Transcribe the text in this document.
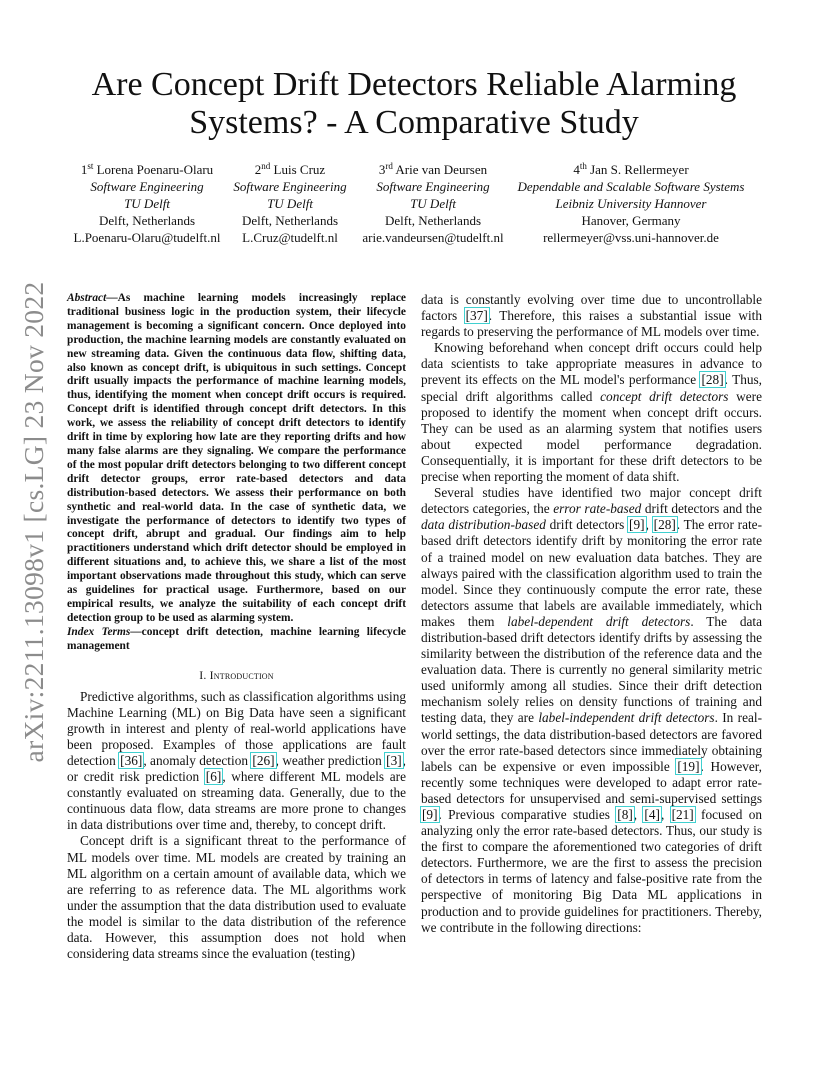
arXiv:2211.13098v1 [cs.LG] 23 Nov 2022
Are Concept Drift Detectors Reliable Alarming
Systems? - A Comparative Study
1st Lorena Poenaru-Olaru
Software Engineering
TU Delft
Delft, Netherlands
L.Poenaru-Olaru@tudelft.nl
2nd Luis Cruz
Software Engineering
TU Delft
Delft, Netherlands
L.Cruz@tudelft.nl
3rd Arie van Deursen
Software Engineering
TU Delft
Delft, Netherlands
arie.vandeursen@tudelft.nl
4th Jan S. Rellermeyer
Dependable and Scalable Software Systems
Leibniz University Hannover
Hanover, Germany
rellermeyer@vss.uni-hannover.de

Abstract—As machine learning models increasingly replace traditional business logic in the production system, their lifecycle management is becoming a significant concern. Once deployed into production, the machine learning models are constantly evaluated on new streaming data. Given the continuous data flow, shifting data, also known as concept drift, is ubiquitous in such settings. Concept drift usually impacts the performance of machine learning models, thus, identifying the moment when concept drift occurs is required. Concept drift is identified through concept drift detectors. In this work, we assess the reliability of concept drift detectors to identify drift in time by exploring how late are they reporting drifts and how many false alarms are they signaling. We compare the performance of the most popular drift detectors belonging to two different concept drift detector groups, error rate-based detectors and data distribution-based detectors. We assess their performance on both synthetic and real-world data. In the case of synthetic data, we investigate the performance of detectors to identify two types of concept drift, abrupt and gradual. Our findings aim to help practitioners understand which drift detector should be employed in different situations and, to achieve this, we share a list of the most important observations made throughout this study, which can serve as guidelines for practical usage. Furthermore, based on our empirical results, we analyze the suitability of each concept drift detection group to be used as alarming system.

Index Terms—concept drift detection, machine learning lifecycle management

I. Introduction

Predictive algorithms, such as classification algorithms using Machine Learning (ML) on Big Data have seen a significant growth in interest and plenty of real-world applications have been proposed. Examples of those applications are fault detection [36], anomaly detection [26], weather prediction [3], or credit risk prediction [6], where different ML models are constantly evaluated on streaming data. Generally, due to the continuous data flow, data streams are more prone to changes in data distributions over time and, thereby, to concept drift.

Concept drift is a significant threat to the performance of ML models over time. ML models are created by training an ML algorithm on a certain amount of available data, which we are referring to as reference data. The ML algorithms work under the assumption that the data distribution used to evaluate the model is similar to the data distribution of the reference data. However, this assumption does not hold when considering data streams since the evaluation (testing)

data is constantly evolving over time due to uncontrollable factors [37]. Therefore, this raises a substantial issue with regards to preserving the performance of ML models over time.

Knowing beforehand when concept drift occurs could help data scientists to take appropriate measures in advance to prevent its effects on the ML model's performance [28]. Thus, special drift algorithms called concept drift detectors were proposed to identify the moment when concept drift occurs. They can be used as an alarming system that notifies users about expected model performance degradation. Consequentially, it is important for these drift detectors to be precise when reporting the moment of data shift.

Several studies have identified two major concept drift detectors categories, the error rate-based drift detectors and the data distribution-based drift detectors [9], [28]. The error rate-based drift detectors identify drift by monitoring the error rate of a trained model on new evaluation data batches. They are always paired with the classification algorithm used to train the model. Since they continuously compute the error rate, these detectors assume that labels are available immediately, which makes them label-dependent drift detectors. The data distribution-based drift detectors identify drifts by assessing the similarity between the distribution of the reference data and the evaluation data. There is currently no general similarity metric used uniformly among all studies. Since their drift detection mechanism solely relies on density functions of training and testing data, they are label-independent drift detectors. In real-world settings, the data distribution-based detectors are favored over the error rate-based detectors since immediately obtaining labels can be expensive or even impossible [19]. However, recently some techniques were developed to adapt error rate-based detectors for unsupervised and semi-supervised settings [9]. Previous comparative studies [8], [4], [21] focused on analyzing only the error rate-based detectors. Thus, our study is the first to compare the aforementioned two categories of drift detectors. Furthermore, we are the first to assess the precision of detectors in terms of latency and false-positive rate from the perspective of monitoring Big Data ML applications in production and to provide guidelines for practitioners. Thereby, we contribute in the following directions:
